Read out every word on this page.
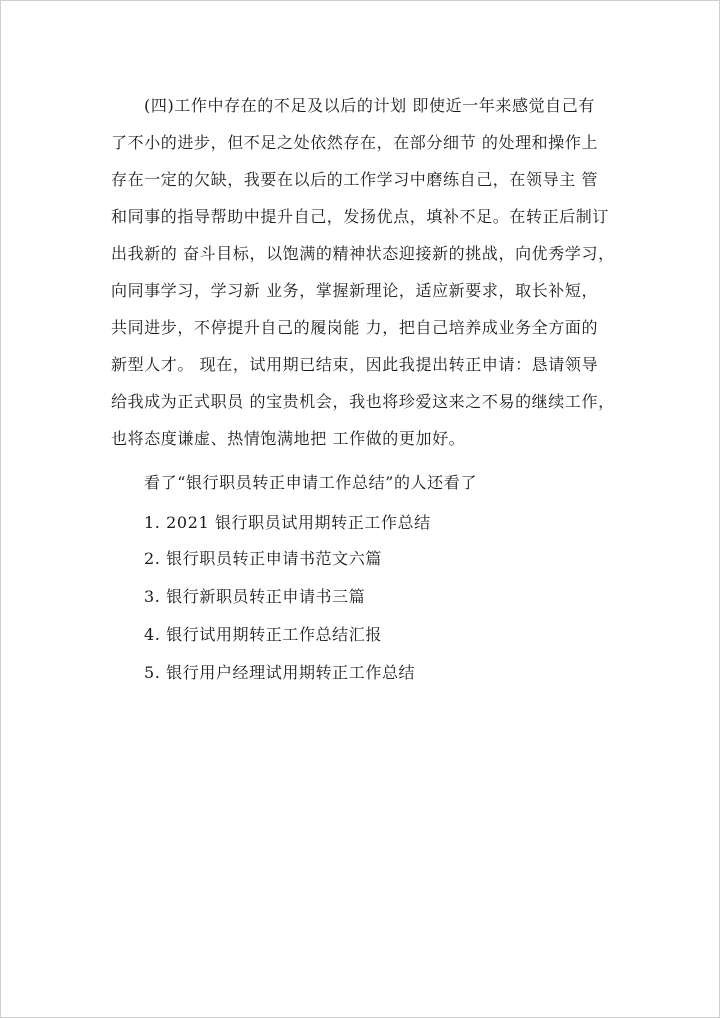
(四)工作中存在的不足及以后的计划 即使近一年来感觉自己有
了不小的进步，但不足之处依然存在，在部分细节 的处理和操作上
存在一定的欠缺，我要在以后的工作学习中磨练自己，在领导主 管
和同事的指导帮助中提升自己，发扬优点，填补不足。在转正后制订
出我新的 奋斗目标，以饱满的精神状态迎接新的挑战，向优秀学习，
向同事学习，学习新 业务，掌握新理论，适应新要求，取长补短，
共同进步，不停提升自己的履岗能 力，把自己培养成业务全方面的
新型人才。 现在，试用期已结束，因此我提出转正申请：恳请领导
给我成为正式职员 的宝贵机会，我也将珍爱这来之不易的继续工作，
也将态度谦虚、热情饱满地把 工作做的更加好。
看了“银行职员转正申请工作总结”的人还看了
1. 2021 银行职员试用期转正工作总结
2. 银行职员转正申请书范文六篇
3. 银行新职员转正申请书三篇
4. 银行试用期转正工作总结汇报
5. 银行用户经理试用期转正工作总结
